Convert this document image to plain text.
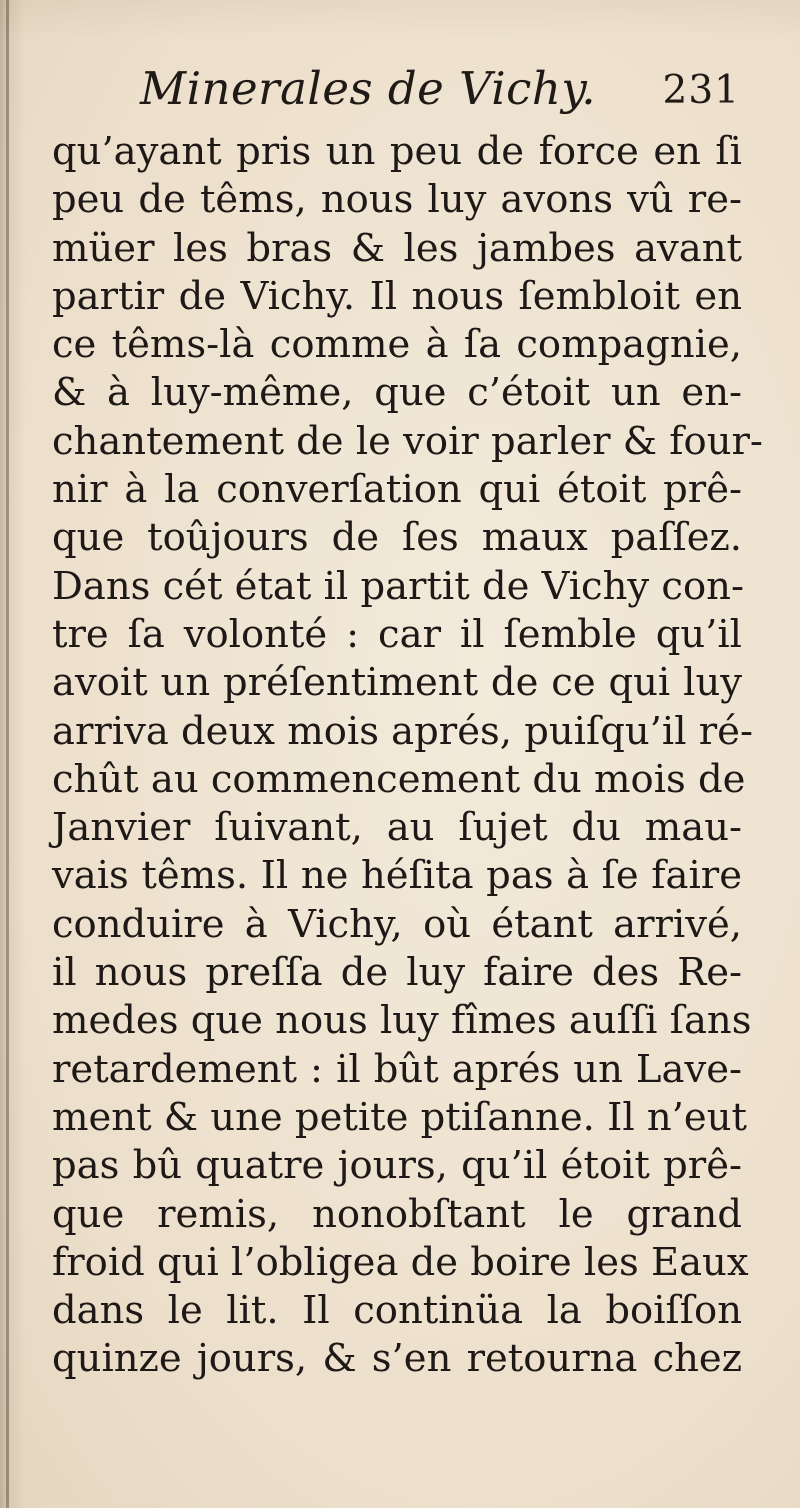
Minerales de Vichy. 231
qu’ayant pris un peu de force en ſi
peu de têms, nous luy avons vû re-
müer les bras & les jambes avant
partir de Vichy. Il nous ſembloit en
ce têms-là comme à ſa compagnie,
& à luy-même, que c’étoit un en-
chantement de le voir parler & four-
nir à la converſation qui étoit prê-
que toûjours de ſes maux paſſez.
Dans cét état il partit de Vichy con-
tre ſa volonté : car il ſemble qu’il
avoit un préſentiment de ce qui luy
arriva deux mois aprés, puiſqu’il ré-
chût au commencement du mois de
Janvier ſuivant, au ſujet du mau-
vais têms. Il ne héſita pas à ſe faire
conduire à Vichy, où étant arrivé,
il nous preſſa de luy faire des Re-
medes que nous luy fîmes auſſi ſans
retardement : il bût aprés un Lave-
ment & une petite ptiſanne. Il n’eut
pas bû quatre jours, qu’il étoit prê-
que remis, nonobſtant le grand
froid qui l’obligea de boire les Eaux
dans le lit. Il continüa la boiſſon
quinze jours, & s’en retourna chez
